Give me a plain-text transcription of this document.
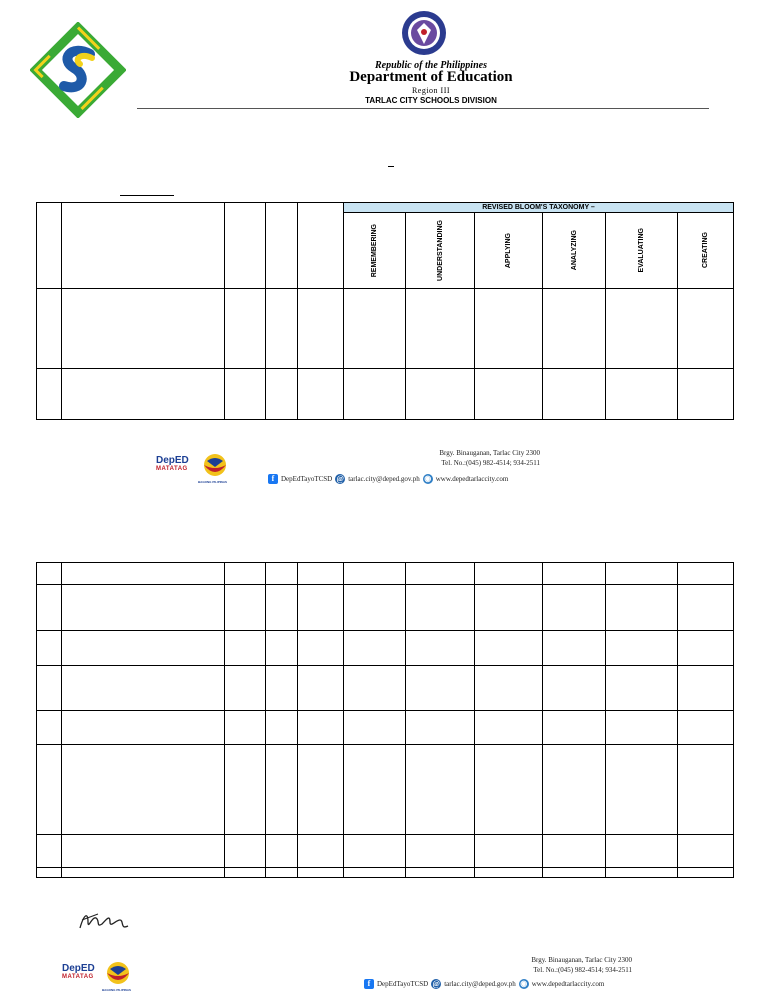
Republic of the Philippines
Department of Education
Region III
TARLAC CITY SCHOOLS DIVISION
					REVISED BLOOM'S TAXONOMY –					

					REMEMBERING	UNDERSTANDING	APPLYING	ANALYZING	EVALUATING	CREATING

DepED
MATATAG
BAGONG PILIPINAS
Brgy. Binauganan, Tarlac City 2300
Tel. No.:(045) 982-4514; 934-2511
f DepEdTayoTCSD @ tarlac.city@deped.gov.ph ◉ www.depedtarlaccity.com

DepED
MATATAG
BAGONG PILIPINAS
Brgy. Binauganan, Tarlac City 2300
Tel. No.:(045) 982-4514; 934-2511
f DepEdTayoTCSD @ tarlac.city@deped.gov.ph ◉ www.depedtarlaccity.com
